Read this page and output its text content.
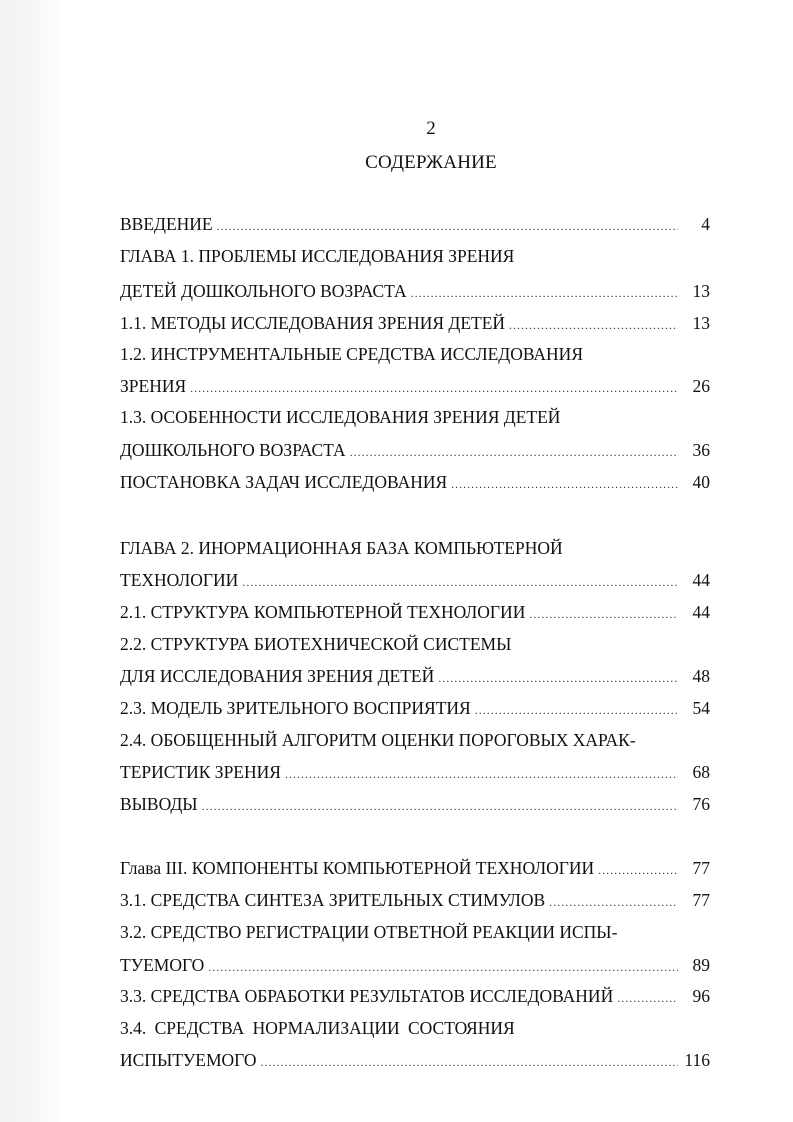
2
СОДЕРЖАНИЕ
ВВЕДЕНИЕ .....	4
ГЛАВА 1. ПРОБЛЕМЫ ИССЛЕДОВАНИЯ ЗРЕНИЯ
ДЕТЕЙ ДОШКОЛЬНОГО ВОЗРАСТА .....	13
1.1. МЕТОДЫ ИССЛЕДОВАНИЯ ЗРЕНИЯ ДЕТЕЙ .....	13
1.2. ИНСТРУМЕНТАЛЬНЫЕ СРЕДСТВА ИССЛЕДОВАНИЯ
ЗРЕНИЯ .....	26
1.3. ОСОБЕННОСТИ ИССЛЕДОВАНИЯ ЗРЕНИЯ ДЕТЕЙ
ДОШКОЛЬНОГО ВОЗРАСТА .....	36
ПОСТАНОВКА ЗАДАЧ ИССЛЕДОВАНИЯ .....	40
ГЛАВА 2. ИНОРМАЦИОННАЯ БАЗА КОМПЬЮТЕРНОЙ
ТЕХНОЛОГИИ .....	44
2.1. СТРУКТУРА КОМПЬЮТЕРНОЙ ТЕХНОЛОГИИ .....	44
2.2. СТРУКТУРА БИОТЕХНИЧЕСКОЙ СИСТЕМЫ
ДЛЯ ИССЛЕДОВАНИЯ ЗРЕНИЯ ДЕТЕЙ .....	48
2.3. МОДЕЛЬ ЗРИТЕЛЬНОГО ВОСПРИЯТИЯ .....	54
2.4. ОБОБЩЕННЫЙ АЛГОРИТМ ОЦЕНКИ ПОРОГОВЫХ ХАРАК-
ТЕРИСТИК ЗРЕНИЯ .....	68
ВЫВОДЫ .....	76
Глава III. КОМПОНЕНТЫ КОМПЬЮТЕРНОЙ ТЕХНОЛОГИИ .....	77
3.1. СРЕДСТВА СИНТЕЗА ЗРИТЕЛЬНЫХ СТИМУЛОВ .....	77
3.2. СРЕДСТВО РЕГИСТРАЦИИ ОТВЕТНОЙ РЕАКЦИИ ИСПЫ-
ТУЕМОГО .....	89
3.3. СРЕДСТВА ОБРАБОТКИ РЕЗУЛЬТАТОВ ИССЛЕДОВАНИЙ .....	96
3.4. СРЕДСТВА НОРМАЛИЗАЦИИ СОСТОЯНИЯ
ИСПЫТУЕМОГО .....	116
